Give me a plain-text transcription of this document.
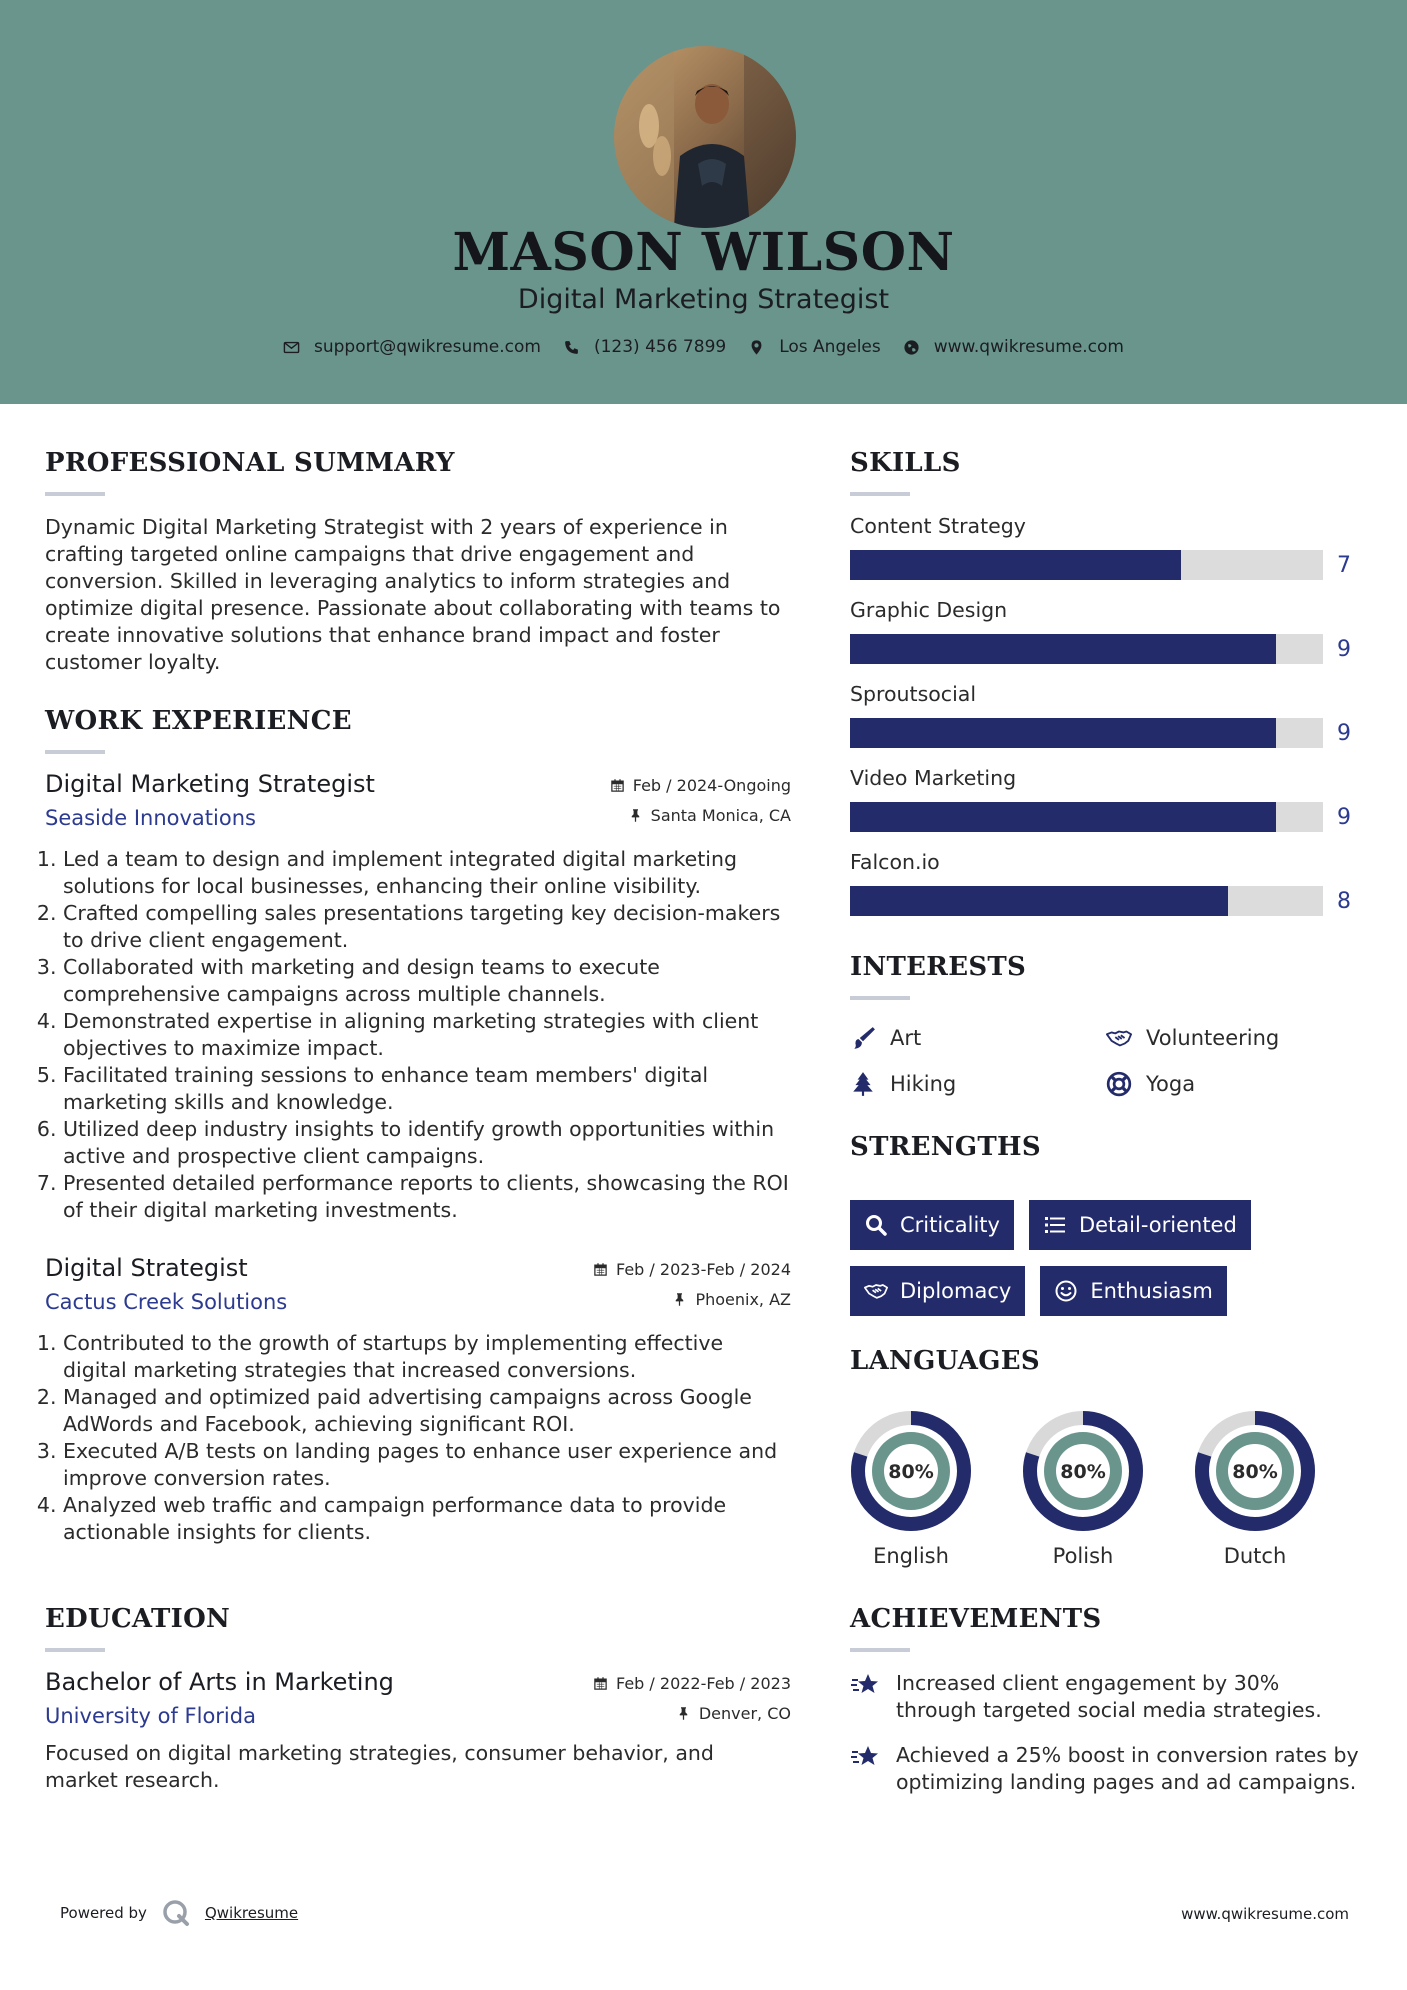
MASON WILSON
Digital Marketing Strategist
support@qwikresume.com	(123) 456 7899	Los Angeles	www.qwikresume.com
PROFESSIONAL SUMMARY
Dynamic Digital Marketing Strategist with 2 years of experience in crafting targeted online campaigns that drive engagement and conversion. Skilled in leveraging analytics to inform strategies and optimize digital presence. Passionate about collaborating with teams to create innovative solutions that enhance brand impact and foster customer loyalty.
WORK EXPERIENCE
Digital Marketing Strategist
Seaside Innovations
Feb / 2024-Ongoing
Santa Monica, CA
1. Led a team to design and implement integrated digital marketing solutions for local businesses, enhancing their online visibility.
2. Crafted compelling sales presentations targeting key decision-makers to drive client engagement.
3. Collaborated with marketing and design teams to execute comprehensive campaigns across multiple channels.
4. Demonstrated expertise in aligning marketing strategies with client objectives to maximize impact.
5. Facilitated training sessions to enhance team members' digital marketing skills and knowledge.
6. Utilized deep industry insights to identify growth opportunities within active and prospective client campaigns.
7. Presented detailed performance reports to clients, showcasing the ROI of their digital marketing investments.
Digital Strategist
Cactus Creek Solutions
Feb / 2023-Feb / 2024
Phoenix, AZ
1. Contributed to the growth of startups by implementing effective digital marketing strategies that increased conversions.
2. Managed and optimized paid advertising campaigns across Google AdWords and Facebook, achieving significant ROI.
3. Executed A/B tests on landing pages to enhance user experience and improve conversion rates.
4. Analyzed web traffic and campaign performance data to provide actionable insights for clients.
EDUCATION
Bachelor of Arts in Marketing
University of Florida
Feb / 2022-Feb / 2023
Denver, CO
Focused on digital marketing strategies, consumer behavior, and market research.
SKILLS
Content Strategy
7
Graphic Design
9
Sproutsocial
9
Video Marketing
9
Falcon.io
8
INTERESTS
Art	Volunteering
Hiking	Yoga
STRENGTHS
Criticality	Detail-oriented
Diplomacy	Enthusiasm
LANGUAGES
80%
English
80%
Polish
80%
Dutch
ACHIEVEMENTS
Increased client engagement by 30% through targeted social media strategies.
Achieved a 25% boost in conversion rates by optimizing landing pages and ad campaigns.
Powered by	Qwikresume	www.qwikresume.com
